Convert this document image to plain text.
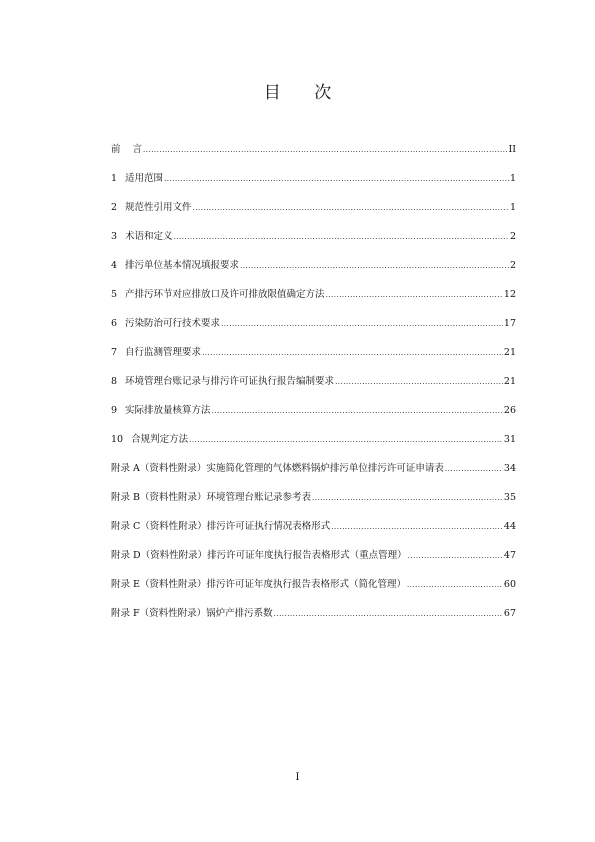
目 次
前 言 .....	II
1 适用范围 .....	1
2 规范性引用文件 .....	1
3 术语和定义 .....	2
4 排污单位基本情况填报要求 .....	2
5 产排污环节对应排放口及许可排放限值确定方法 .....	12
6 污染防治可行技术要求 .....	17
7 自行监测管理要求 .....	21
8 环境管理台账记录与排污许可证执行报告编制要求 .....	21
9 实际排放量核算方法 .....	26
10 合规判定方法 .....	31
附录 A（资料性附录）实施简化管理的气体燃料锅炉排污单位排污许可证申请表 .....	34
附录 B（资料性附录）环境管理台账记录参考表 .....	35
附录 C（资料性附录）排污许可证执行情况表格形式 .....	44
附录 D（资料性附录）排污许可证年度执行报告表格形式（重点管理） .....	47
附录 E（资料性附录）排污许可证年度执行报告表格形式（简化管理） .....	60
附录 F（资料性附录）锅炉产排污系数 .....	67
I
